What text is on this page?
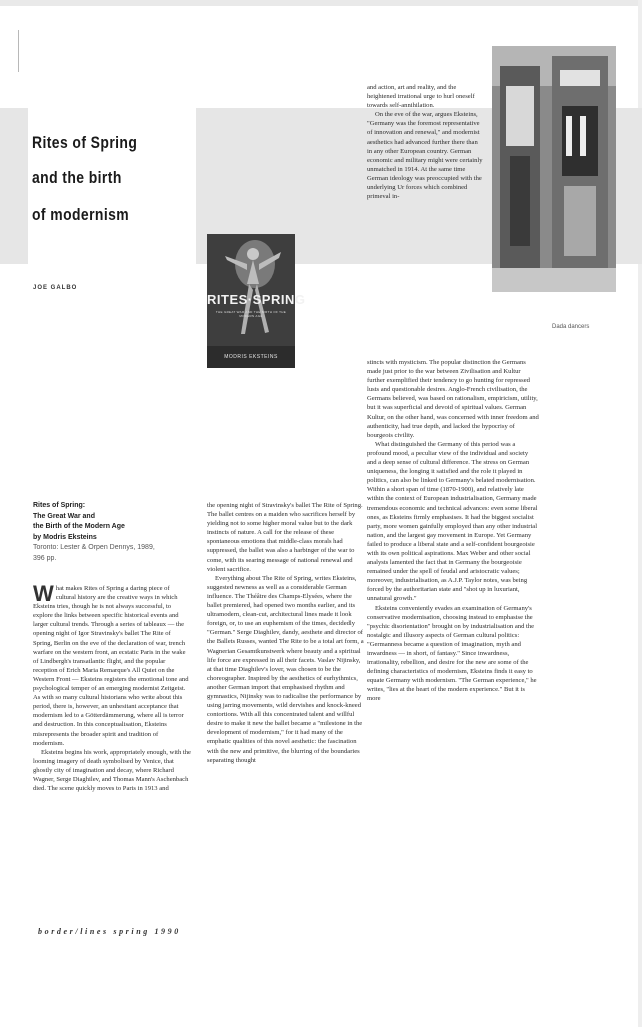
Rites of Spring
and the birth
of modernism
JOE GALBO
RITES·SPRING
THE GREAT WAR AND THE BIRTH OF THE MODERN AGE
MODRIS EKSTEINS
Dada dancers
Rites of Spring:
The Great War and
the Birth of the Modern Age
by Modris Eksteins
Toronto: Lester & Orpen Dennys, 1989,
396 pp.

What makes Rites of Spring a daring piece of cultural history are the creative ways in which Eksteins tries, though he is not always successful, to explore the links between specific historical events and larger cultural trends. Through a series of tableaux — the opening night of Igor Stravinsky's ballet The Rite of Spring, Berlin on the eve of the declaration of war, trench warfare on the western front, an ecstatic Paris in the wake of Lindbergh's transatlantic flight, and the popular reception of Erich Maria Remarque's All Quiet on the Western Front — Eksteins registers the emotional tone and psychological temper of an emerging modernist Zeitgeist. As with so many cultural historians who write about this period, there is, however, an unhesitant acceptance that modernism led to a Götterdämmerung, where all is terror and destruction. In this conceptualisation, Eksteins misrepresents the broader spirit and tradition of modernism.

Eksteins begins his work, appropriately enough, with the looming imagery of death symbolised by Venice, that ghostly city of imagination and decay, where Richard Wagner, Serge Diaghilev, and Thomas Mann's Aschenbach died. The scene quickly moves to Paris in 1913 and

the opening night of Stravinsky's ballet The Rite of Spring. The ballet centres on a maiden who sacrifices herself by yielding not to some higher moral value but to the dark instincts of nature. A call for the release of these spontaneous emotions that middle-class morals had suppressed, the ballet was also a harbinger of the war to come, with its searing message of national renewal and violent sacrifice.

Everything about The Rite of Spring, writes Eksteins, suggested newness as well as a considerable German influence. The Théâtre des Champs-Elysées, where the ballet premiered, had opened two months earlier, and its ultramodern, clean-cut, architectural lines made it look foreign, or, to use an euphemism of the times, decidedly "German." Serge Diaghilev, dandy, aesthete and director of the Ballets Russes, wanted The Rite to be a total art form, a Wagnerian Gesamtkunstwerk where beauty and a spiritual life force are expressed in all their facets. Vaslav Nijinsky, at that time Diaghilev's lover, was chosen to be the choreographer. Inspired by the aesthetics of eurhythmics, another German import that emphasised rhythm and gymnastics, Nijinsky was to radicalise the performance by using jarring movements, wild dervishes and knock-kneed contortions. With all this concentrated talent and willful desire to make it new the ballet became a "milestone in the development of modernism," for it had many of the emphatic qualities of this novel aesthetic: the fascination with the new and primitive, the blurring of the boundaries separating thought

and action, art and reality, and the heightened irrational urge to hurl oneself towards self-annihilation.

On the eve of the war, argues Eksteins, "Germany was the foremost representative of innovation and renewal," and modernist aesthetics had advanced further there than in any other European country. German economic and military might were certainly unmatched in 1914. At the same time German ideology was preoccupied with the underlying Ur forces which combined primeval in-

stincts with mysticism. The popular distinction the Germans made just prior to the war between Zivilisation and Kultur further exemplified their tendency to go hunting for repressed lusts and questionable desires. Anglo-French civilisation, the Germans believed, was based on rationalism, empiricism, utility, but it was superficial and devoid of spiritual values. German Kultur, on the other hand, was concerned with inner freedom and authenticity, had true depth, and lacked the hypocrisy of bourgeois civility.

What distinguished the Germany of this period was a profound mood, a peculiar view of the individual and society and a deep sense of cultural difference. The stress on German uniqueness, the longing it satisfied and the role it played in politics, can also be linked to Germany's belated modernisation. Within a short span of time (1870-1900), and relatively late within the context of European industrialisation, Germany made tremendous economic and technical advances: even some liberal ones, as Eksteins firmly emphasises. It had the biggest socialist party, more women gainfully employed than any other industrial nation, and the largest gay movement in Europe. Yet Germany failed to produce a liberal state and a self-confident bourgeoisie with its own political aspirations. Max Weber and other social analysts lamented the fact that in Germany the bourgeoisie remained under the spell of feudal and aristocratic values; moreover, industrialisation, as A.J.P. Taylor notes, was being forced by the authoritarian state and "shot up in luxuriant, unnatural growth."

Eksteins conveniently evades an examination of Germany's conservative modernisation, choosing instead to emphasise the "psychic disorientation" brought on by industrialisation and the nostalgic and illusory aspects of German cultural politics: "Germanness became a question of imagination, myth and inwardness — in short, of fantasy." Since inwardness, irrationality, rebellion, and desire for the new are some of the defining characteristics of modernism, Eksteins finds it easy to equate Germany with modernism. "The German experience," he writes, "lies at the heart of the modern experience." But it is more

border/lines spring 1990
